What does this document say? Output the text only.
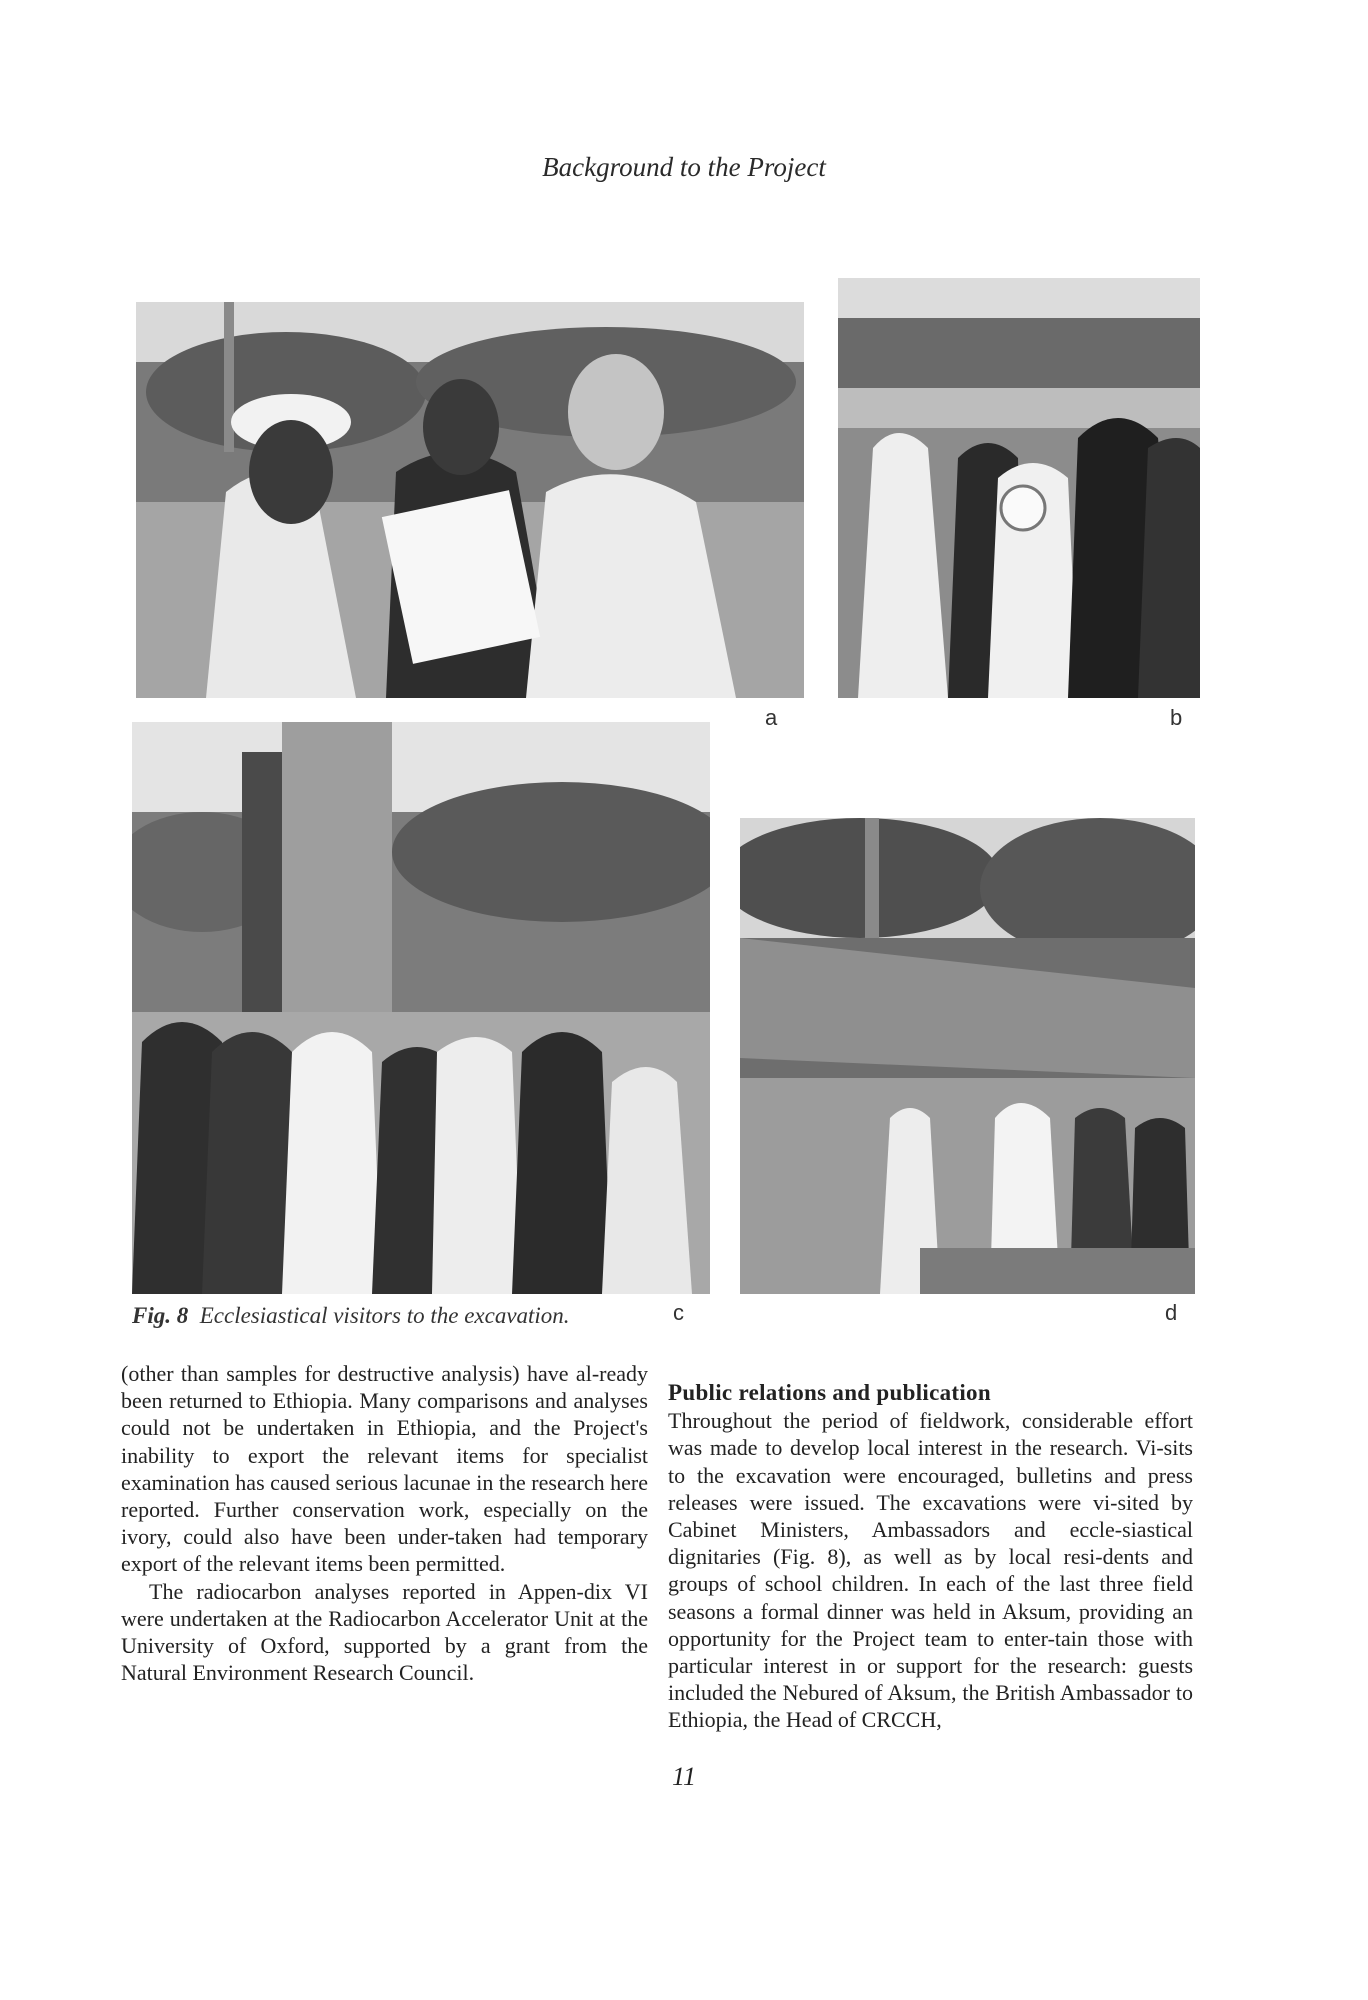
Background to the Project
a	b
c	d
Fig. 8 Ecclesiastical visitors to the excavation.

(other than samples for destructive analysis) have al-ready been returned to Ethiopia. Many comparisons and analyses could not be undertaken in Ethiopia, and the Project's inability to export the relevant items for specialist examination has caused serious lacunae in the research here reported. Further conservation work, especially on the ivory, could also have been under-taken had temporary export of the relevant items been permitted.

The radiocarbon analyses reported in Appen-dix VI were undertaken at the Radiocarbon Accelerator Unit at the University of Oxford, supported by a grant from the Natural Environment Research Council.

Public relations and publication

Throughout the period of fieldwork, considerable effort was made to develop local interest in the research. Vi-sits to the excavation were encouraged, bulletins and press releases were issued. The excavations were vi-sited by Cabinet Ministers, Ambassadors and eccle-siastical dignitaries (Fig. 8), as well as by local resi-dents and groups of school children. In each of the last three field seasons a formal dinner was held in Aksum, providing an opportunity for the Project team to enter-tain those with particular interest in or support for the research: guests included the Nebured of Aksum, the British Ambassador to Ethiopia, the Head of CRCCH,

11
